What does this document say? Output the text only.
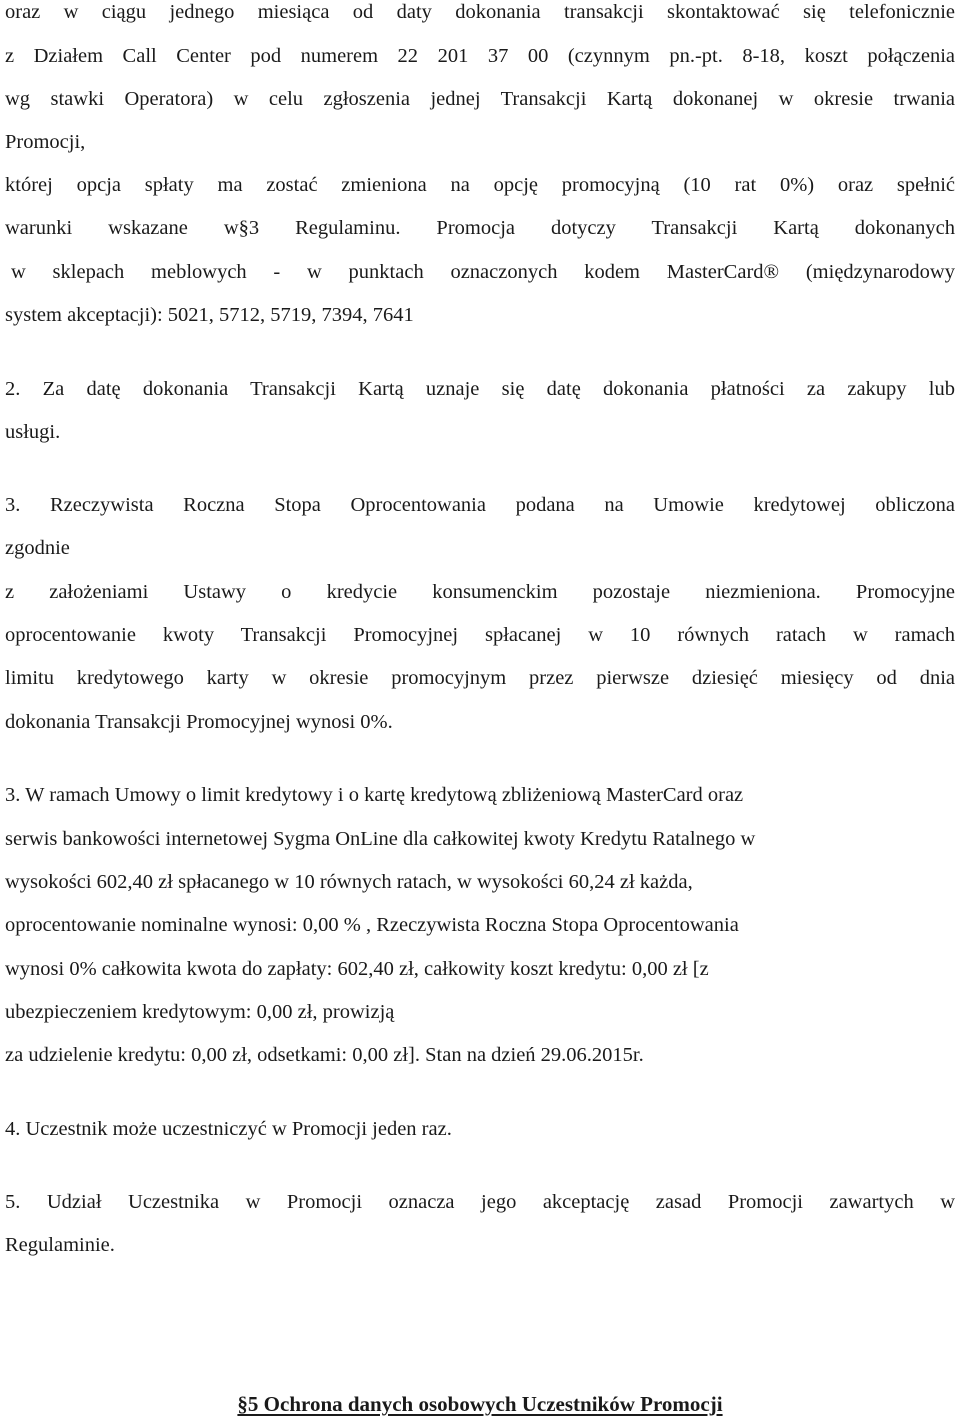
oraz w ciągu jednego miesiąca od daty dokonania transakcji skontaktować się telefonicznie
z Działem Call Center pod numerem 22 201 37 00 (czynnym pn.-pt. 8-18, koszt połączenia
wg stawki Operatora) w celu zgłoszenia jednej Transakcji Kartą dokonanej w okresie trwania
Promocji,
której opcja spłaty ma zostać zmieniona na opcję promocyjną (10 rat 0%) oraz spełnić
warunki wskazane w§3 Regulaminu. Promocja dotyczy Transakcji Kartą dokonanych
w sklepach meblowych - w punktach oznaczonych kodem MasterCard® (międzynarodowy
system akceptacji): 5021, 5712, 5719, 7394, 7641
2. Za datę dokonania Transakcji Kartą uznaje się datę dokonania płatności za zakupy lub
usługi.
3. Rzeczywista Roczna Stopa Oprocentowania podana na Umowie kredytowej obliczona
zgodnie
z założeniami Ustawy o kredycie konsumenckim pozostaje niezmieniona. Promocyjne
oprocentowanie kwoty Transakcji Promocyjnej spłacanej w 10 równych ratach w ramach
limitu kredytowego karty w okresie promocyjnym przez pierwsze dziesięć miesięcy od dnia
dokonania Transakcji Promocyjnej wynosi 0%.
3. W ramach Umowy o limit kredytowy i o kartę kredytową zbliżeniową MasterCard oraz
serwis bankowości internetowej Sygma OnLine dla całkowitej kwoty Kredytu Ratalnego w
wysokości 602,40 zł spłacanego w 10 równych ratach, w wysokości 60,24 zł każda,
oprocentowanie nominalne wynosi: 0,00 % , Rzeczywista Roczna Stopa Oprocentowania
wynosi 0% całkowita kwota do zapłaty: 602,40 zł, całkowity koszt kredytu: 0,00 zł [z
ubezpieczeniem kredytowym: 0,00 zł, prowizją
za udzielenie kredytu: 0,00 zł, odsetkami: 0,00 zł]. Stan na dzień 29.06.2015r.
4. Uczestnik może uczestniczyć w Promocji jeden raz.
5. Udział Uczestnika w Promocji oznacza jego akceptację zasad Promocji zawartych w
Regulaminie.
§5 Ochrona danych osobowych Uczestników Promocji
